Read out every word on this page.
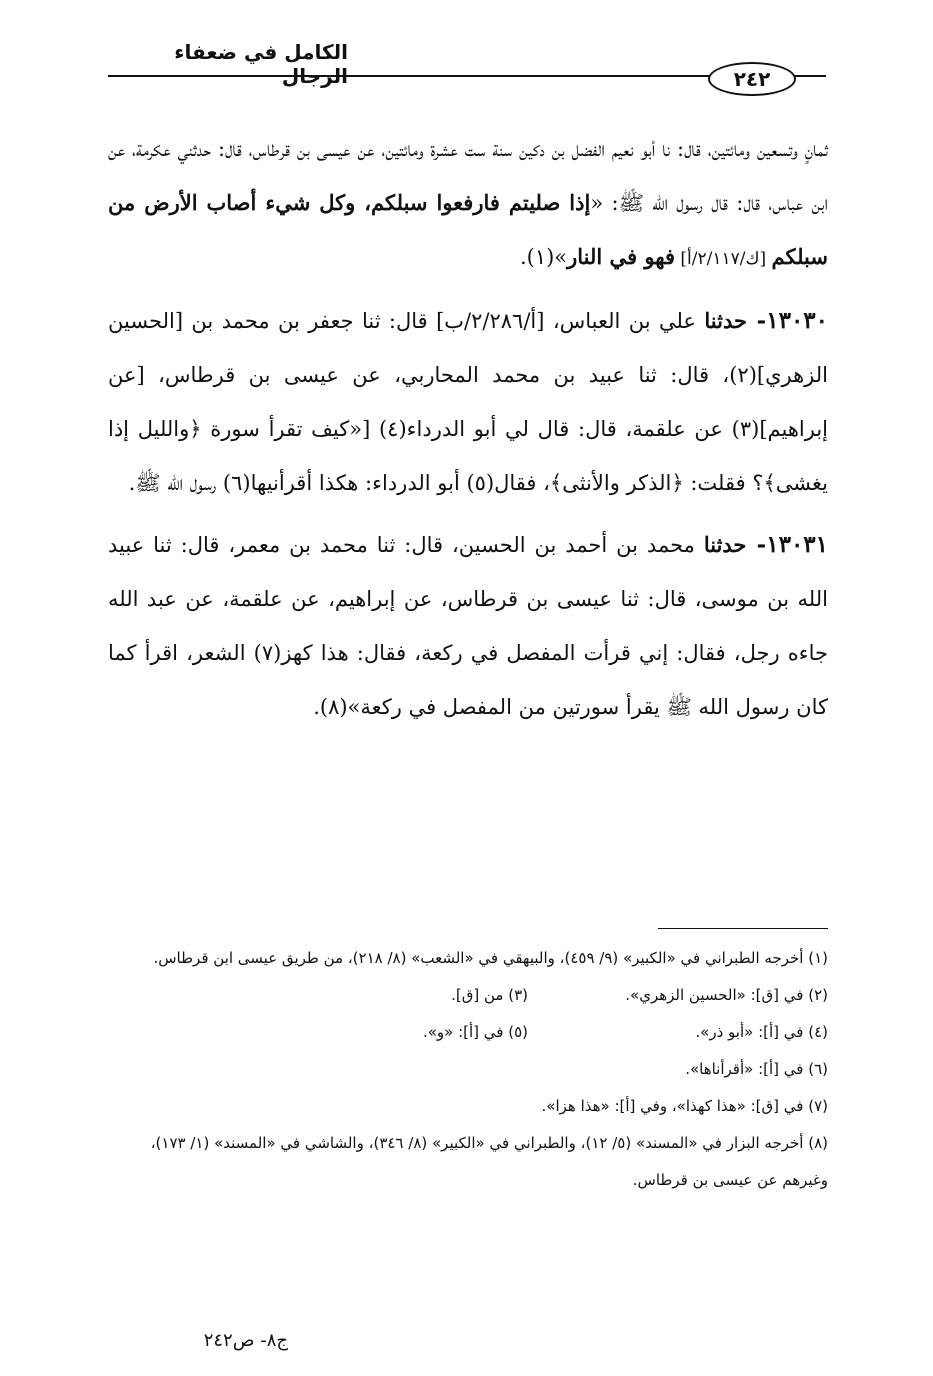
الكامل في ضعفاء الرجال	٢٤٢

ثمانٍ وتسعين ومائتين، قال: نا أبو نعيم الفضل بن دكين سنة ست عشرة ومائتين، عن عيسى بن قرطاس، قال: حدثني عكرمة، عن ابن عباس، قال: قال رسول الله ﷺ: «إذا صليتم فارفعوا سبلكم، وكل شيء أصاب الأرض من سبلكم [ك/٢/١١٧/أ] فهو في النار»(١).

١٣٠٣٠- حدثنا علي بن العباس، [أ/٢/٢٨٦/ب] قال: ثنا جعفر بن محمد بن [الحسين الزهري](٢)، قال: ثنا عبيد بن محمد المحاربي، عن عيسى بن قرطاس، [عن إبراهيم](٣) عن علقمة، قال: قال لي أبو الدرداء(٤) [«كيف تقرأ سورة ﴿والليل إذا يغشى﴾؟ فقلت: ﴿الذكر والأنثى﴾، فقال(٥) أبو الدرداء: هكذا أقرأنيها(٦) رسول الله ﷺ.

١٣٠٣١- حدثنا محمد بن أحمد بن الحسين، قال: ثنا محمد بن معمر، قال: ثنا عبيد الله بن موسى، قال: ثنا عيسى بن قرطاس، عن إبراهيم، عن علقمة، عن عبد الله جاءه رجل، فقال: إني قرأت المفصل في ركعة، فقال: هذا كهز(٧) الشعر، اقرأ كما كان رسول الله ﷺ يقرأ سورتين من المفصل في ركعة»(٨).

(١) أخرجه الطبراني في «الكبير» (٩/ ٤٥٩)، والبيهقي في «الشعب» (٨/ ٢١٨)، من طريق عيسى ابن قرطاس.

(٢) في [ق]: «الحسين الزهري».
(٣) من [ق].
(٤) في [أ]: «أبو ذر».
(٥) في [أ]: «و».

(٦) في [أ]: «أقرأناها».

(٧) في [ق]: «هذا كهذا»، وفي [أ]: «هذا هزا».

(٨) أخرجه البزار في «المسند» (٥/ ١٢)، والطبراني في «الكبير» (٨/ ٣٤٦)، والشاشي في «المسند» (١/ ١٧٣)، وغيرهم عن عيسى بن قرطاس.

ج٨- ص٢٤٢
